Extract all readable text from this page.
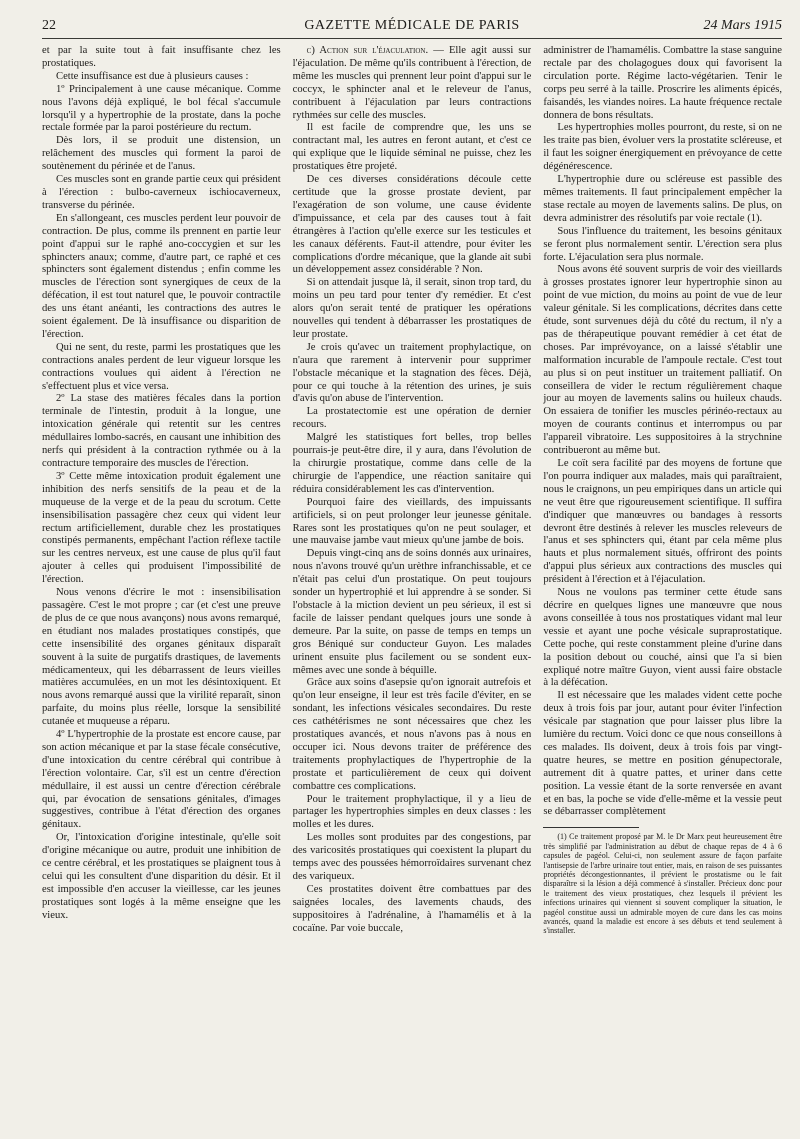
22	GAZETTE MÉDICALE DE PARIS	24 Mars 1915

et par la suite tout à fait insuffisante chez les prostatiques.

Cette insuffisance est due à plusieurs causes :

1º Principalement à une cause mécanique. Comme nous l'avons déjà expliqué, le bol fécal s'accumule lorsqu'il y a hypertrophie de la prostate, dans la poche rectale formée par la paroi postérieure du rectum.

Dès lors, il se produit une distension, un relâchement des muscles qui forment la paroi de soutènement du périnée et de l'anus.

Ces muscles sont en grande partie ceux qui président à l'érection : bulbo-caverneux ischiocaverneux, transverse du périnée.

En s'allongeant, ces muscles perdent leur pouvoir de contraction. De plus, comme ils prennent en partie leur point d'appui sur le raphé ano-coccygien et sur les sphincters anaux; comme, d'autre part, ce raphé et ces sphincters sont également distendus ; enfin comme les muscles de l'érection sont synergiques de ceux de la défécation, il est tout naturel que, le pouvoir contractile des uns étant anéanti, les contractions des autres le soient également. De là insuffisance ou disparition de l'érection.

Qui ne sent, du reste, parmi les prostatiques que les contractions anales perdent de leur vigueur lorsque les contractions voulues qui aident à l'érection ne s'effectuent plus et vice versa.

2º La stase des matières fécales dans la portion terminale de l'intestin, produit à la longue, une intoxication générale qui retentit sur les centres médullaires lombo-sacrés, en causant une inhibition des nerfs qui président à la contraction rythmée ou à la contracture temporaire des muscles de l'érection.

3º Cette même intoxication produit également une inhibition des nerfs sensitifs de la peau et de la muqueuse de la verge et de la peau du scrotum. Cette insensibilisation passagère chez ceux qui vident leur rectum artificiellement, durable chez les prostatiques constipés permanents, empêchant l'action réflexe tactile sur les centres nerveux, est une cause de plus qu'il faut ajouter à celles qui produisent l'impossibilité de l'érection.

Nous venons d'écrire le mot : insensibilisation passagère. C'est le mot propre ; car (et c'est une preuve de plus de ce que nous avançons) nous avons remarqué, en étudiant nos malades prostatiques constipés, que cette insensibilité des organes génitaux disparaît souvent à la suite de purgatifs drastiques, de lavements médicamenteux, qui les débarrassent de leurs vieilles matières accumulées, en un mot les désintoxiquent. Et nous avons remarqué aussi que la virilité reparaît, sinon parfaite, du moins plus réelle, lorsque la sensibilité cutanée et muqueuse a réparu.

4º L'hypertrophie de la prostate est encore cause, par son action mécanique et par la stase fécale consécutive, d'une intoxication du centre cérébral qui contribue à l'érection volontaire. Car, s'il est un centre d'érection médullaire, il est aussi un centre d'érection cérébrale qui, par évocation de sensations génitales, d'images suggestives, contribue à l'état d'érection des organes génitaux.

Or, l'intoxication d'origine intestinale, qu'elle soit d'origine mécanique ou autre, produit une inhibition de ce centre cérébral, et les prostatiques se plaignent tous à celui qui les consultent d'une disparition du désir. Et il est impossible d'en accuser la vieillesse, car les jeunes prostatiques sont logés à la même enseigne que les vieux.

c) Action sur l'éjaculation. — Elle agit aussi sur l'éjaculation. De même qu'ils contribuent à l'érection, de même les muscles qui prennent leur point d'appui sur le coccyx, le sphincter anal et le releveur de l'anus, contribuent à l'éjaculation par leurs contractions rythmées sur celle des muscles.

Il est facile de comprendre que, les uns se contractant mal, les autres en feront autant, et c'est ce qui explique que le liquide séminal ne puisse, chez les prostatiques être projeté.

De ces diverses considérations découle cette certitude que la grosse prostate devient, par l'exagération de son volume, une cause évidente d'impuissance, et cela par des causes tout à fait étrangères à l'action qu'elle exerce sur les testicules et les canaux déférents. Faut-il attendre, pour éviter les complications d'ordre mécanique, que la glande ait subi un développement assez considérable ? Non.

Si on attendait jusque là, il serait, sinon trop tard, du moins un peu tard pour tenter d'y remédier. Et c'est alors qu'on serait tenté de pratiquer les opérations nouvelles qui tendent à débarrasser les prostatiques de leur prostate.

Je crois qu'avec un traitement prophylactique, on n'aura que rarement à intervenir pour supprimer l'obstacle mécanique et la stagnation des fèces. Déjà, pour ce qui touche à la rétention des urines, je suis d'avis qu'on abuse de l'intervention.

La prostatectomie est une opération de dernier recours.

Malgré les statistiques fort belles, trop belles pourrais-je peut-être dire, il y aura, dans l'évolution de la chirurgie prostatique, comme dans celle de la chirurgie de l'appendice, une réaction sanitaire qui réduira considérablement les cas d'intervention.

Pourquoi faire des vieillards, des impuissants artificiels, si on peut prolonger leur jeunesse génitale. Rares sont les prostatiques qu'on ne peut soulager, et une mauvaise jambe vaut mieux qu'une jambe de bois.

Depuis vingt-cinq ans de soins donnés aux urinaires, nous n'avons trouvé qu'un urèthre infranchissable, et ce n'était pas celui d'un prostatique. On peut toujours sonder un hypertrophié et lui apprendre à se sonder. Si l'obstacle à la miction devient un peu sérieux, il est si facile de laisser pendant quelques jours une sonde à demeure. Par la suite, on passe de temps en temps un gros Béniqué sur conducteur Guyon. Les malades urinent ensuite plus facilement ou se sondent eux-mêmes avec une sonde à béquille.

Grâce aux soins d'asepsie qu'on ignorait autrefois et qu'on leur enseigne, il leur est très facile d'éviter, en se sondant, les infections vésicales secondaires. Du reste ces cathétérismes ne sont nécessaires que chez les prostatiques avancés, et nous n'avons pas à nous en occuper ici. Nous devons traiter de préférence des traitements prophylactiques de l'hypertrophie de la prostate et particulièrement de ceux qui doivent combattre ces complications.

Pour le traitement prophylactique, il y a lieu de partager les hypertrophies simples en deux classes : les molles et les dures.

Les molles sont produites par des congestions, par des varicosités prostatiques qui coexistent la plupart du temps avec des poussées hémorroïdaires survenant chez des variqueux.

Ces prostatites doivent être combattues par des saignées locales, des lavements chauds, des suppositoires à l'adrénaline, à l'hamamélis et à la cocaïne. Par voie buccale,

administrer de l'hamamélis. Combattre la stase sanguine rectale par des cholagogues doux qui favorisent la circulation porte. Régime lacto-végétarien. Tenir le corps peu serré à la taille. Proscrire les aliments épicés, faisandés, les viandes noires. La haute fréquence rectale donnera de bons résultats.

Les hypertrophies molles pourront, du reste, si on ne les traite pas bien, évoluer vers la prostatite scléreuse, et il faut les soigner énergiquement en prévoyance de cette dégénérescence.

L'hypertrophie dure ou scléreuse est passible des mêmes traitements. Il faut principalement empêcher la stase rectale au moyen de lavements salins. De plus, on devra administrer des résolutifs par voie rectale (1).

Sous l'influence du traitement, les besoins génitaux se feront plus normalement sentir. L'érection sera plus forte. L'éjaculation sera plus normale.

Nous avons été souvent surpris de voir des vieillards à grosses prostates ignorer leur hypertrophie sinon au point de vue miction, du moins au point de vue de leur valeur génitale. Si les complications, décrites dans cette étude, sont survenues déjà du côté du rectum, il n'y a pas de thérapeutique pouvant remédier à cet état de choses. Par imprévoyance, on a laissé s'établir une malformation incurable de l'ampoule rectale. C'est tout au plus si on peut instituer un traitement palliatif. On conseillera de vider le rectum régulièrement chaque jour au moyen de lavements salins ou huileux chauds. On essaiera de tonifier les muscles périnéo-rectaux au moyen de courants continus et interrompus ou par l'appareil vibratoire. Les suppositoires à la strychnine contribueront au même but.

Le coït sera facilité par des moyens de fortune que l'on pourra indiquer aux malades, mais qui paraîtraient, nous le craignons, un peu empiriques dans un article qui ne veut être que rigoureusement scientifique. Il suffira d'indiquer que manœuvres ou bandages à ressorts devront être destinés à relever les muscles releveurs de l'anus et ses sphincters qui, étant par cela même plus hauts et plus normalement situés, offriront des points d'appui plus sérieux aux contractions des muscles qui président à l'érection et à l'éjaculation.

Nous ne voulons pas terminer cette étude sans décrire en quelques lignes une manœuvre que nous avons conseillée à tous nos prostatiques vidant mal leur vessie et ayant une poche vésicale supraprostatique. Cette poche, qui reste constamment pleine d'urine dans la position debout ou couché, ainsi que l'a si bien expliqué notre maître Guyon, vient aussi faire obstacle à la défécation.

Il est nécessaire que les malades vident cette poche deux à trois fois par jour, autant pour éviter l'infection vésicale par stagnation que pour laisser plus libre la lumière du rectum. Voici donc ce que nous conseillons à ces malades. Ils doivent, deux à trois fois par vingt-quatre heures, se mettre en position génupectorale, autrement dit à quatre pattes, et uriner dans cette position. La vessie étant de la sorte renversée en avant et en bas, la poche se vide d'elle-même et la vessie peut se débarrasser complètement

(1) Ce traitement proposé par M. le Dr Marx peut heureusement être très simplifié par l'administration au début de chaque repas de 4 à 6 capsules de pagéol. Celui-ci, non seulement assure de façon parfaite l'antisepsie de l'arbre urinaire tout entier, mais, en raison de ses puissantes propriétés décongestionnantes, il prévient le prostatisme ou le fait disparaître si la lésion a déjà commencé à s'installer. Précieux donc pour le traitement des vieux prostatiques, chez lesquels il prévient les infections urinaires qui viennent si souvent compliquer la situation, le pagéol constitue aussi un admirable moyen de cure dans les cas moins avancés, quand la maladie est encore à ses débuts et tend seulement à s'installer.
